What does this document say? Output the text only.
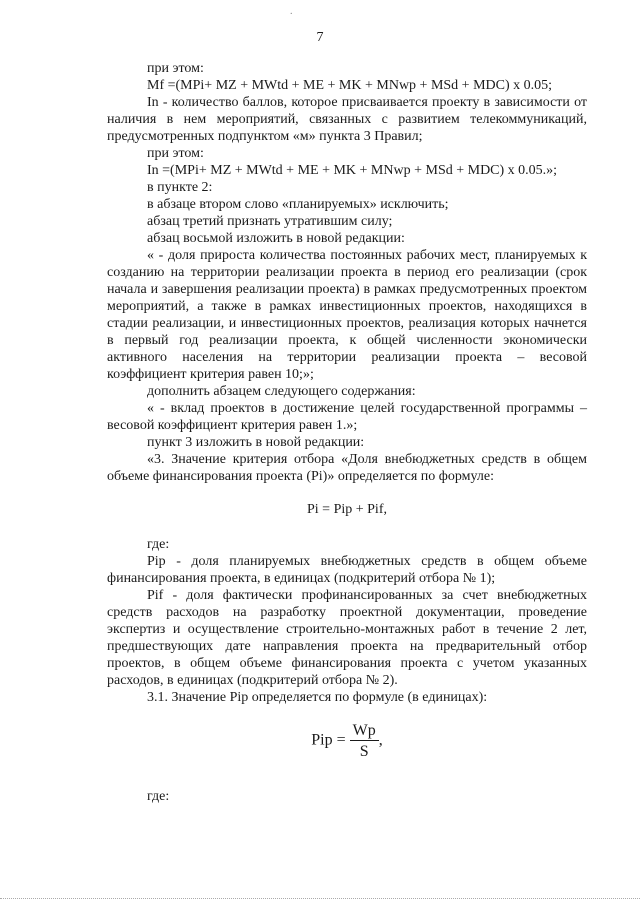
.
7

при этом:

Mf =(MPi+ MZ + MWtd + ME + MK + MNwp + MSd + MDC) x 0.05;

In - количество баллов, которое присваивается проекту в зависимости от наличия в нем мероприятий, связанных с развитием телекоммуникаций, предусмотренных подпунктом «м» пункта 3 Правил;

при этом:

In =(MPi+ MZ + MWtd + ME + MK + MNwp + MSd + MDC) x 0.05.»;

в пункте 2:

в абзаце втором слово «планируемых» исключить;

абзац третий признать утратившим силу;

абзац восьмой изложить в новой редакции:

« - доля прироста количества постоянных рабочих мест, планируемых к созданию на территории реализации проекта в период его реализации (срок начала и завершения реализации проекта) в рамках предусмотренных проектом мероприятий, а также в рамках инвестиционных проектов, находящихся в стадии реализации, и инвестиционных проектов, реализация которых начнется в первый год реализации проекта, к общей численности экономически активного населения на территории реализации проекта – весовой коэффициент критерия равен 10;»;

дополнить абзацем следующего содержания:

« - вклад проектов в достижение целей государственной программы – весовой коэффициент критерия равен 1.»;

пункт 3 изложить в новой редакции:

«3. Значение критерия отбора «Доля внебюджетных средств в общем объеме финансирования проекта (Pi)» определяется по формуле:

Pi = Pip + Pif,

где:

Pip - доля планируемых внебюджетных средств в общем объеме финансирования проекта, в единицах (подкритерий отбора № 1);

Pif - доля фактически профинансированных за счет внебюджетных средств расходов на разработку проектной документации, проведение экспертиз и осуществление строительно-монтажных работ в течение 2 лет, предшествующих дате направления проекта на предварительный отбор проектов, в общем объеме финансирования проекта с учетом указанных расходов, в единицах (подкритерий отбора № 2).

3.1. Значение Pip определяется по формуле (в единицах):

Pip = $\frac{Wp}{S}$ ,

где:
